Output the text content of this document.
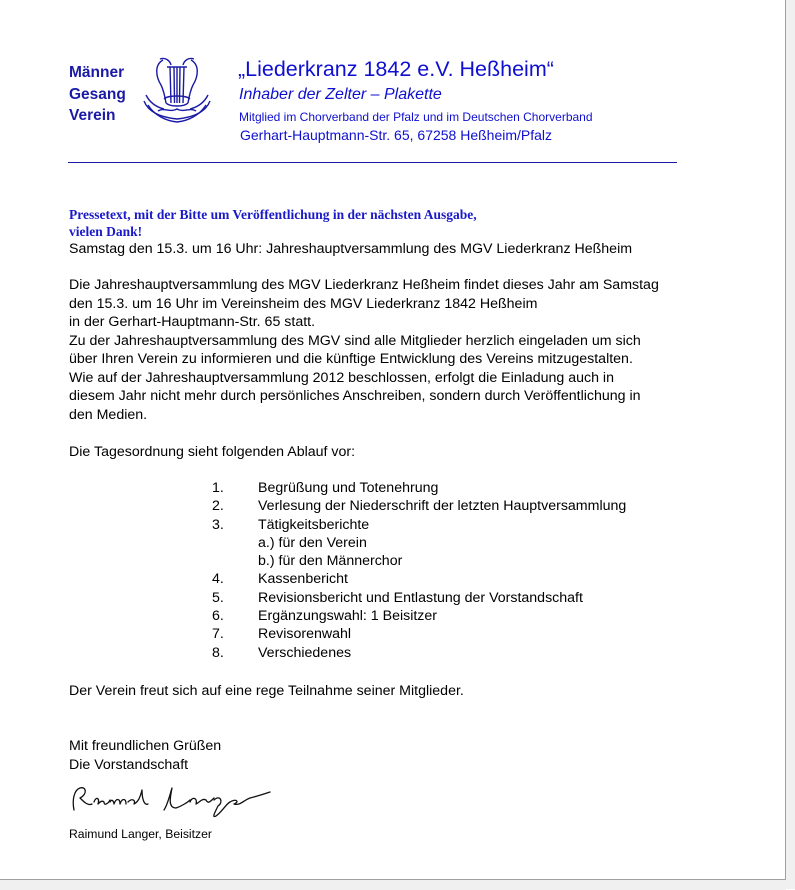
Männer
Gesang
Verein
„Liederkranz 1842 e.V. Heßheim“
Inhaber der Zelter – Plakette
Mitglied im Chorverband der Pfalz und im Deutschen Chorverband
Gerhart-Hauptmann-Str. 65, 67258 Heßheim/Pfalz
Pressetext, mit der Bitte um Veröffentlichung in der nächsten Ausgabe,
vielen Dank!
Samstag den 15.3. um 16 Uhr: Jahreshauptversammlung des MGV Liederkranz Heßheim
Die Jahreshauptversammlung des MGV Liederkranz Heßheim findet dieses Jahr am Samstag
den 15.3. um 16 Uhr im Vereinsheim des MGV Liederkranz 1842 Heßheim
in der Gerhart-Hauptmann-Str. 65 statt.
Zu der Jahreshauptversammlung des MGV sind alle Mitglieder herzlich eingeladen um sich
über Ihren Verein zu informieren und die künftige Entwicklung des Vereins mitzugestalten.
Wie auf der Jahreshauptversammlung 2012 beschlossen, erfolgt die Einladung auch in
diesem Jahr nicht mehr durch persönliches Anschreiben, sondern durch Veröffentlichung in
den Medien.
Die Tagesordnung sieht folgenden Ablauf vor:
1.	Begrüßung und Totenehrung
2.	Verlesung der Niederschrift der letzten Hauptversammlung
3.	Tätigkeitsberichte
a.) für den Verein
b.) für den Männerchor
4.	Kassenbericht
5.	Revisionsbericht und Entlastung der Vorstandschaft
6.	Ergänzungswahl: 1 Beisitzer
7.	Revisorenwahl
8.	Verschiedenes
Der Verein freut sich auf eine rege Teilnahme seiner Mitglieder.
Mit freundlichen Grüßen
Die Vorstandschaft
Raimund Langer, Beisitzer
